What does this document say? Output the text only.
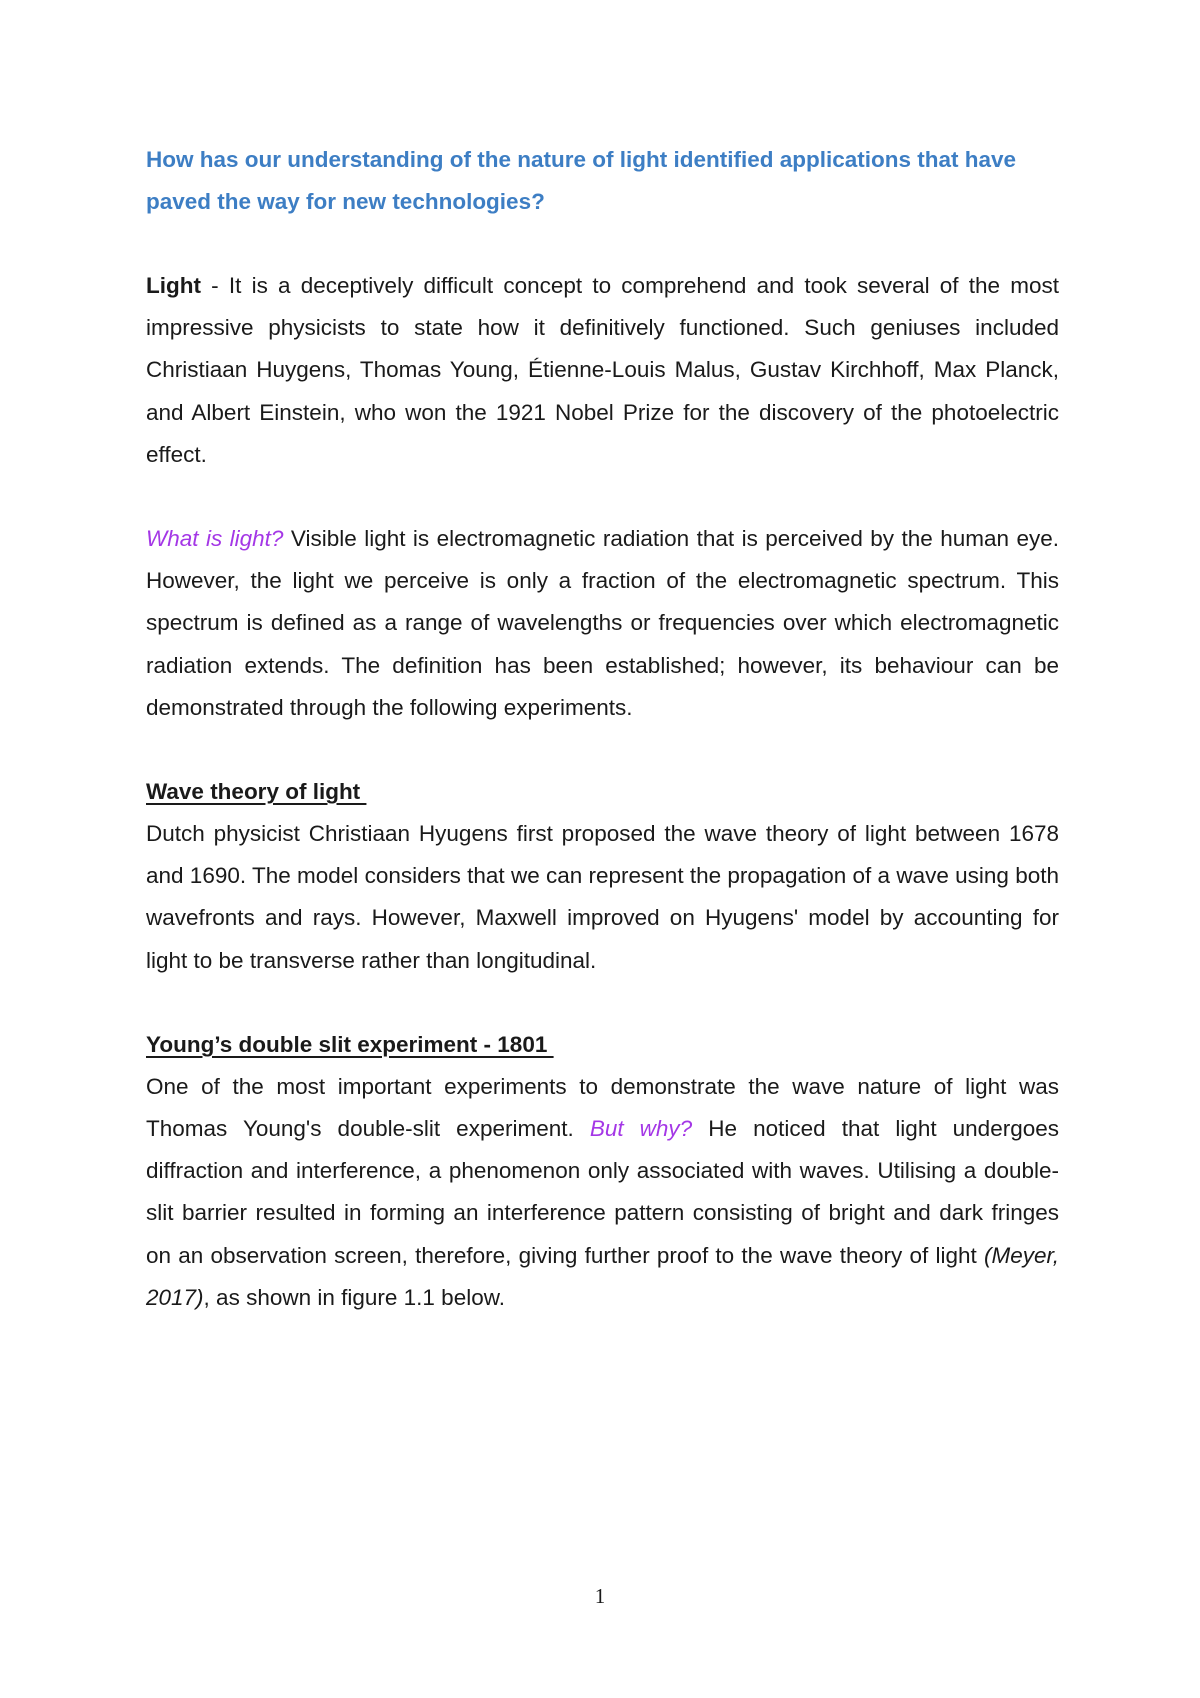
How has our understanding of the nature of light identified applications that have paved the way for new technologies?

Light - It is a deceptively difficult concept to comprehend and took several of the most impressive physicists to state how it definitively functioned. Such geniuses included Christiaan Huygens, Thomas Young, Étienne-Louis Malus, Gustav Kirchhoff, Max Planck, and Albert Einstein, who won the 1921 Nobel Prize for the discovery of the photoelectric effect.

What is light? Visible light is electromagnetic radiation that is perceived by the human eye. However, the light we perceive is only a fraction of the electromagnetic spectrum. This spectrum is defined as a range of wavelengths or frequencies over which electromagnetic radiation extends. The definition has been established; however, its behaviour can be demonstrated through the following experiments.

Wave theory of light

Dutch physicist Christiaan Hyugens first proposed the wave theory of light between 1678 and 1690. The model considers that we can represent the propagation of a wave using both wavefronts and rays. However, Maxwell improved on Hyugens' model by accounting for light to be transverse rather than longitudinal.

Young’s double slit experiment - 1801

One of the most important experiments to demonstrate the wave nature of light was Thomas Young's double-slit experiment. But why? He noticed that light undergoes diffraction and interference, a phenomenon only associated with waves. Utilising a double-slit barrier resulted in forming an interference pattern consisting of bright and dark fringes on an observation screen, therefore, giving further proof to the wave theory of light (Meyer, 2017), as shown in figure 1.1 below.

1
